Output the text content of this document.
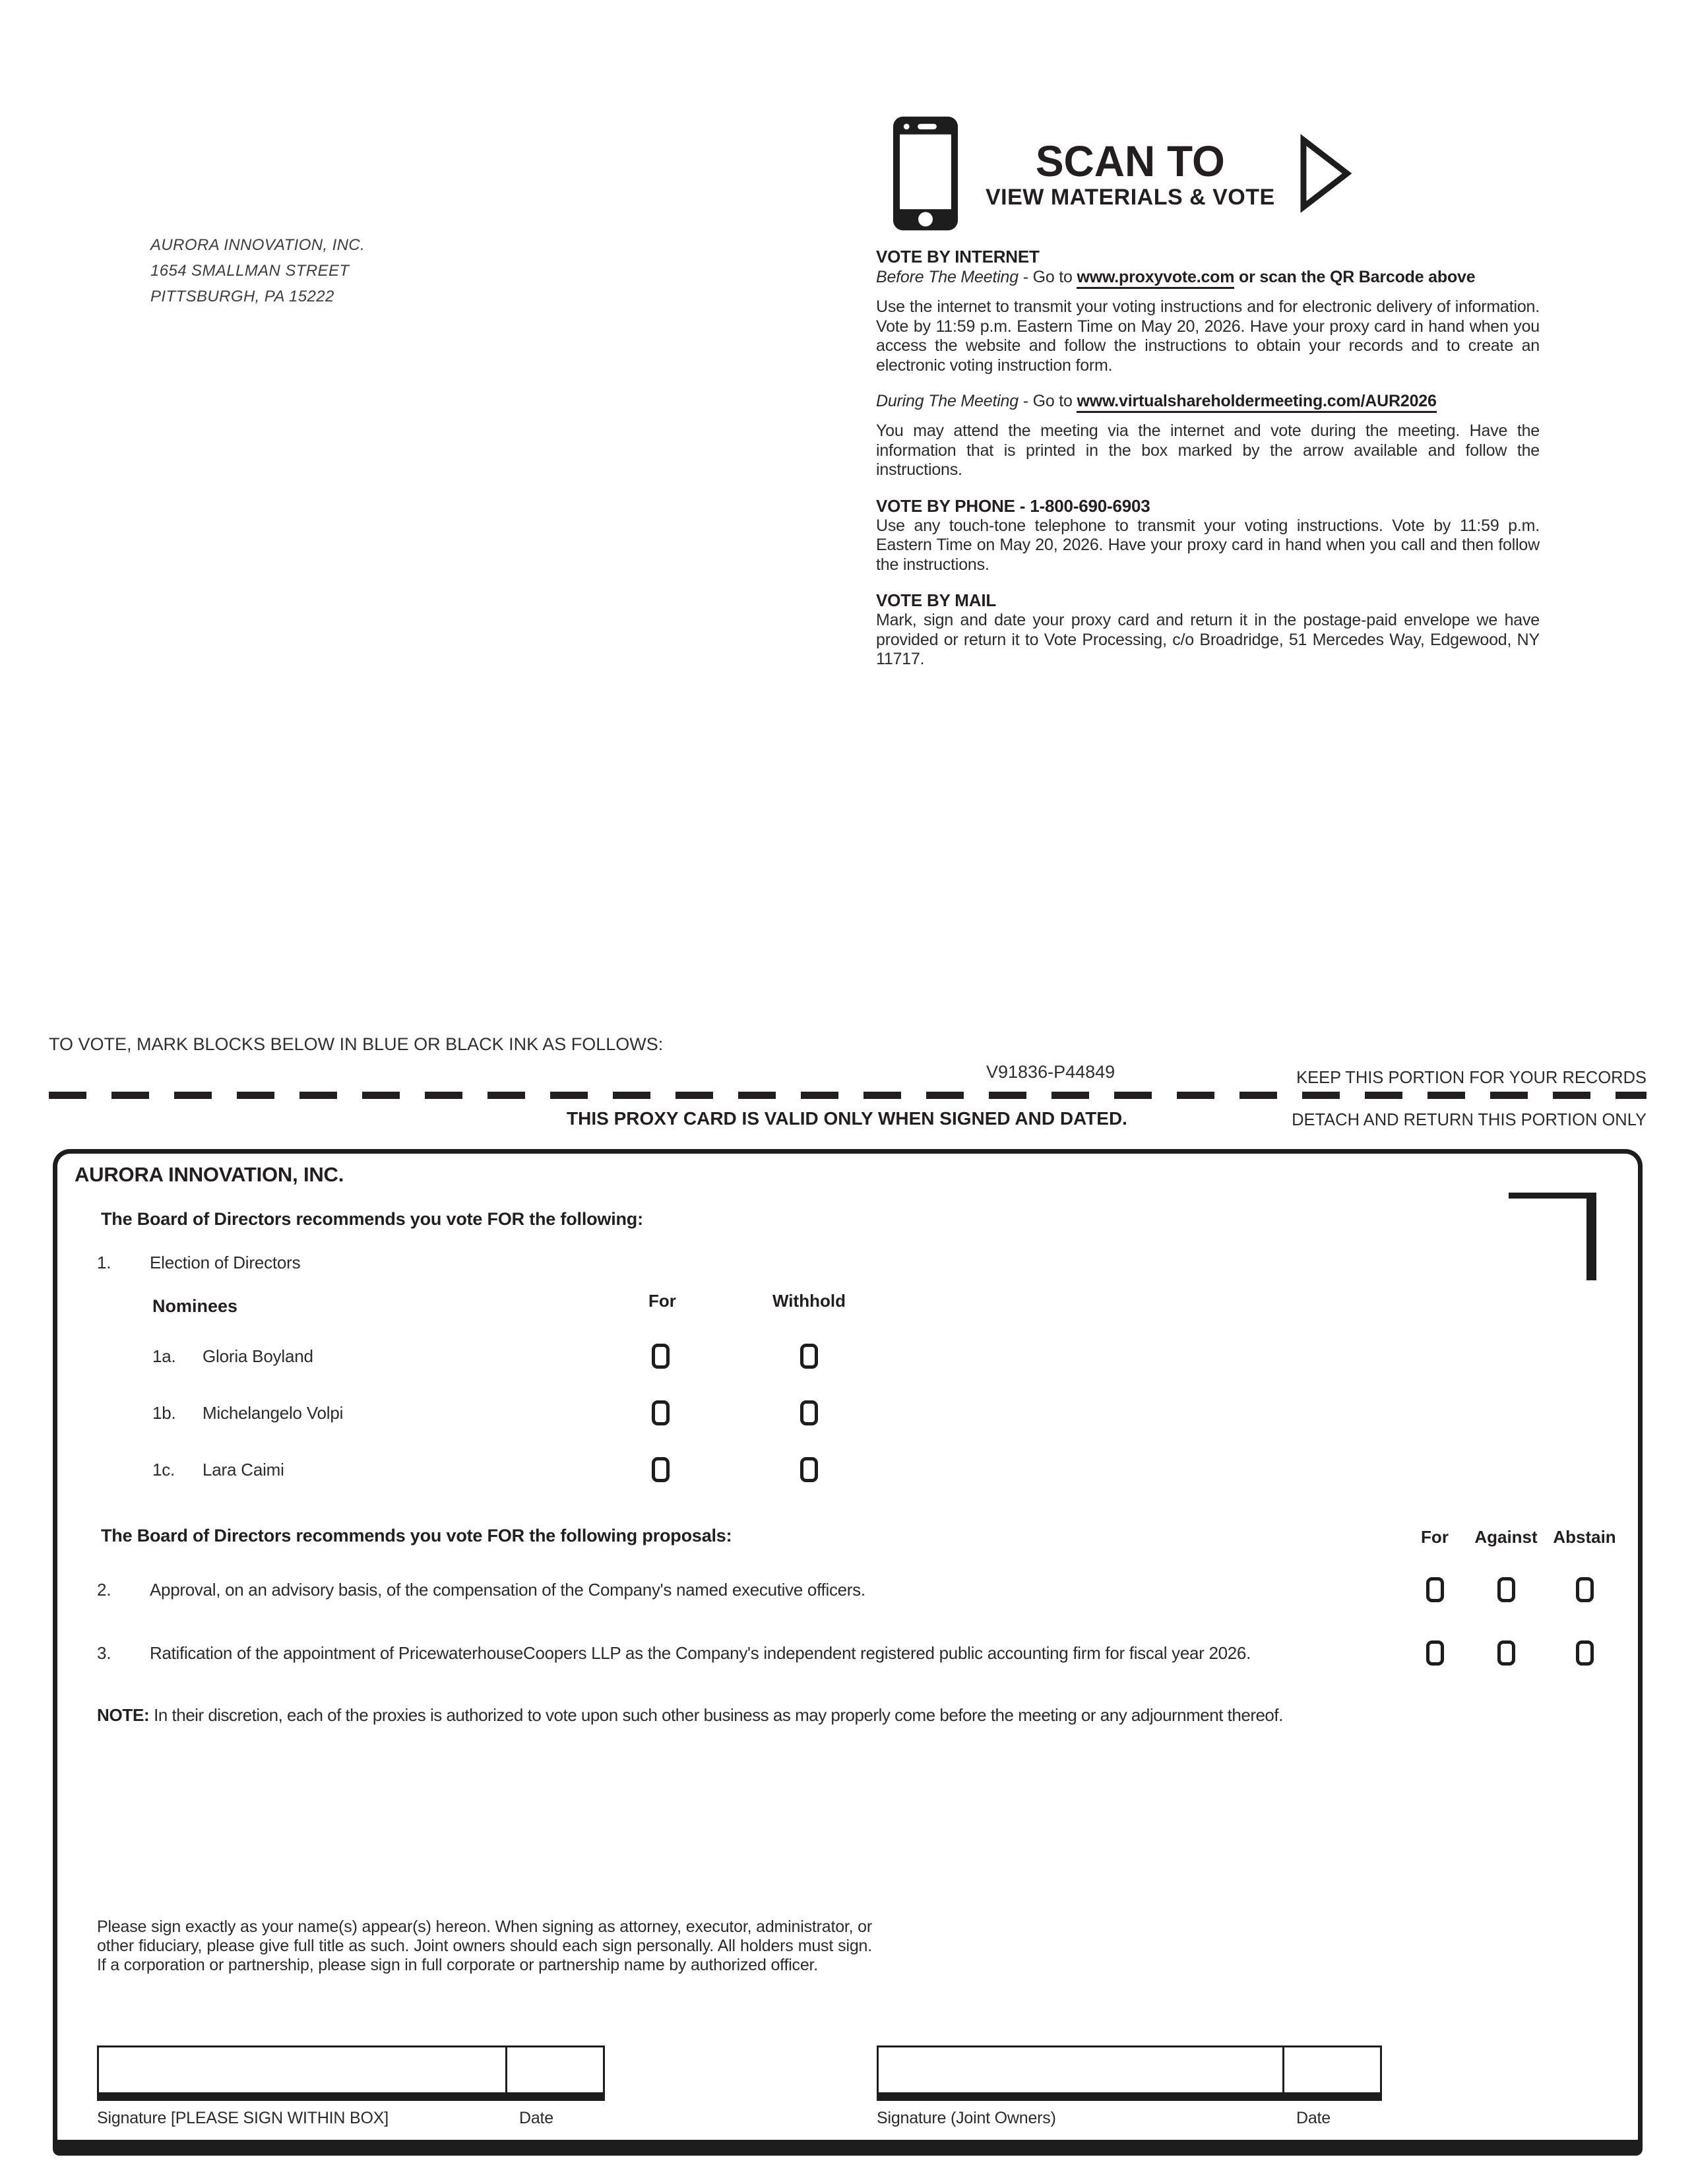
AURORA INNOVATION, INC.
1654 SMALLMAN STREET
PITTSBURGH, PA 15222
SCAN TO
VIEW MATERIALS & VOTE
VOTE BY INTERNET
Before The Meeting - Go to www.proxyvote.com or scan the QR Barcode above

Use the internet to transmit your voting instructions and for electronic delivery of information. Vote by 11:59 p.m. Eastern Time on May 20, 2026. Have your proxy card in hand when you access the website and follow the instructions to obtain your records and to create an electronic voting instruction form.

During The Meeting - Go to www.virtualshareholdermeeting.com/AUR2026

You may attend the meeting via the internet and vote during the meeting. Have the information that is printed in the box marked by the arrow available and follow the instructions.

VOTE BY PHONE - 1-800-690-6903

Use any touch-tone telephone to transmit your voting instructions. Vote by 11:59 p.m. Eastern Time on May 20, 2026. Have your proxy card in hand when you call and then follow the instructions.

VOTE BY MAIL

Mark, sign and date your proxy card and return it in the postage-paid envelope we have provided or return it to Vote Processing, c/o Broadridge, 51 Mercedes Way, Edgewood, NY 11717.

TO VOTE, MARK BLOCKS BELOW IN BLUE OR BLACK INK AS FOLLOWS:
V91836-P44849	KEEP THIS PORTION FOR YOUR RECORDS
THIS PROXY CARD IS VALID ONLY WHEN SIGNED AND DATED.	DETACH AND RETURN THIS PORTION ONLY
AURORA INNOVATION, INC.
The Board of Directors recommends you vote FOR the following:
1. Election of Directors
Nominees	For	Withhold
1a. Gloria Boyland
1b. Michelangelo Volpi
1c. Lara Caimi
The Board of Directors recommends you vote FOR the following proposals:	For Against Abstain
2. Approval, on an advisory basis, of the compensation of the Company's named executive officers.
3. Ratification of the appointment of PricewaterhouseCoopers LLP as the Company's independent registered public accounting firm for fiscal year 2026.
NOTE: In their discretion, each of the proxies is authorized to vote upon such other business as may properly come before the meeting or any adjournment thereof.
Please sign exactly as your name(s) appear(s) hereon. When signing as attorney, executor, administrator, or other fiduciary, please give full title as such. Joint owners should each sign personally. All holders must sign. If a corporation or partnership, please sign in full corporate or partnership name by authorized officer.
Signature [PLEASE SIGN WITHIN BOX]	Date	Signature (Joint Owners)	Date
